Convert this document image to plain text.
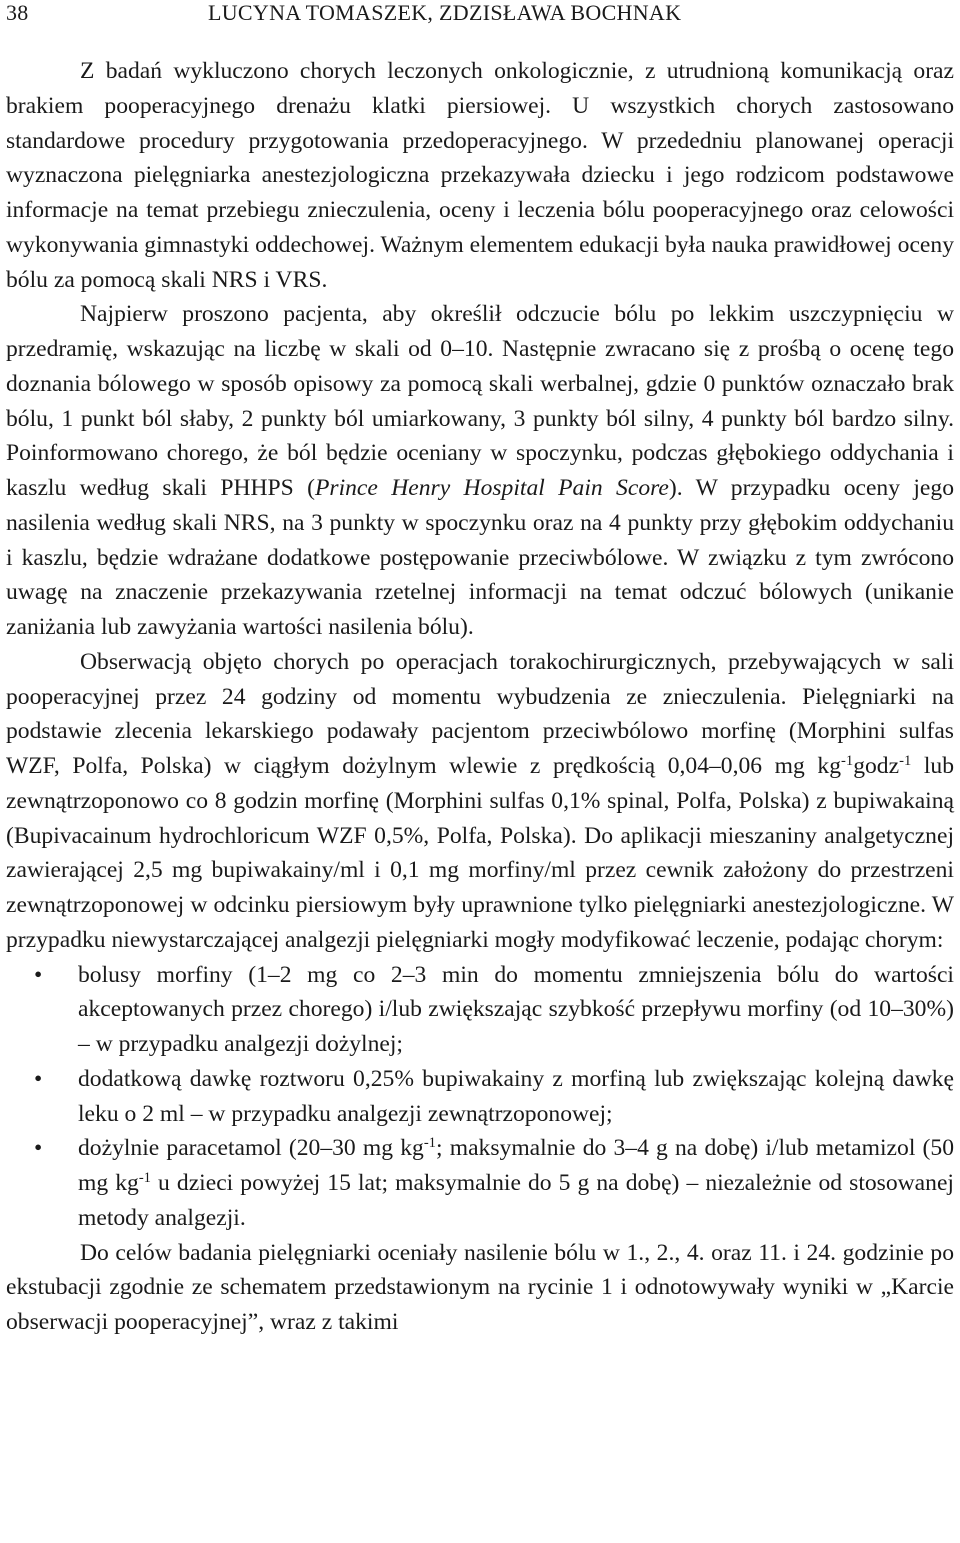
38	LUCYNA TOMASZEK, ZDZISŁAWA BOCHNAK

Z badań wykluczono chorych leczonych onkologicznie, z utrudnioną komunikacją oraz brakiem pooperacyjnego drenażu klatki piersiowej. U wszystkich chorych zastosowano standardowe procedury przygotowania przedoperacyjnego. W przededniu planowanej operacji wyznaczona pielęgniarka anestezjologiczna przekazywała dziecku i jego rodzicom podstawowe informacje na temat przebiegu znieczulenia, oceny i leczenia bólu pooperacyjnego oraz celowości wykonywania gimnastyki oddechowej. Ważnym elementem edukacji była nauka prawidłowej oceny bólu za pomocą skali NRS i VRS.

Najpierw proszono pacjenta, aby określił odczucie bólu po lekkim uszczypnięciu w przedramię, wskazując na liczbę w skali od 0–10. Następnie zwracano się z prośbą o ocenę tego doznania bólowego w sposób opisowy za pomocą skali werbalnej, gdzie 0 punktów oznaczało brak bólu, 1 punkt ból słaby, 2 punkty ból umiarkowany, 3 punkty ból silny, 4 punkty ból bardzo silny. Poinformowano chorego, że ból będzie oceniany w spoczynku, podczas głębokiego oddychania i kaszlu według skali PHHPS (Prince Henry Hospital Pain Score). W przypadku oceny jego nasilenia według skali NRS, na 3 punkty w spoczynku oraz na 4 punkty przy głębokim oddychaniu i kaszlu, będzie wdrażane dodatkowe postępowanie przeciwbólowe. W związku z tym zwrócono uwagę na znaczenie przekazywania rzetelnej informacji na temat odczuć bólowych (unikanie zaniżania lub zawyżania wartości nasilenia bólu).

Obserwacją objęto chorych po operacjach torakochirurgicznych, przebywających w sali pooperacyjnej przez 24 godziny od momentu wybudzenia ze znieczulenia. Pielęgniarki na podstawie zlecenia lekarskiego podawały pacjentom przeciwbólowo morfinę (Morphini sulfas WZF, Polfa, Polska) w ciągłym dożylnym wlewie z prędkością 0,04–0,06 mg $kg^{-1}godz^{-1}$ lub zewnątrzoponowo co 8 godzin morfinę (Morphini sulfas 0,1% spinal, Polfa, Polska) z bupiwakainą (Bupivacainum hydrochloricum WZF 0,5%, Polfa, Polska). Do aplikacji mieszaniny analgetycznej zawierającej 2,5 mg bupiwakainy/ml i 0,1 mg morfiny/ml przez cewnik założony do przestrzeni zewnątrzoponowej w odcinku piersiowym były uprawnione tylko pielęgniarki anestezjologiczne. W przypadku niewystarczającej analgezji pielęgniarki mogły modyfikować leczenie, podając chorym:

• bolusy morfiny (1–2 mg co 2–3 min do momentu zmniejszenia bólu do wartości akceptowanych przez chorego) i/lub zwiększając szybkość przepływu morfiny (od 10–30%) – w przypadku analgezji dożylnej;
• dodatkową dawkę roztworu 0,25% bupiwakainy z morfiną lub zwiększając kolejną dawkę leku o 2 ml – w przypadku analgezji zewnątrzoponowej;
• dożylnie paracetamol (20–30 mg $kg^{-1}$; maksymalnie do 3–4 g na dobę) i/lub metamizol (50 mg $kg^{-1}$ u dzieci powyżej 15 lat; maksymalnie do 5 g na dobę) – niezależnie od stosowanej metody analgezji.

Do celów badania pielęgniarki oceniały nasilenie bólu w 1., 2., 4. oraz 11. i 24. godzinie po ekstubacji zgodnie ze schematem przedstawionym na rycinie 1 i odnotowywały wyniki w „Karcie obserwacji pooperacyjnej”, wraz z takimi
